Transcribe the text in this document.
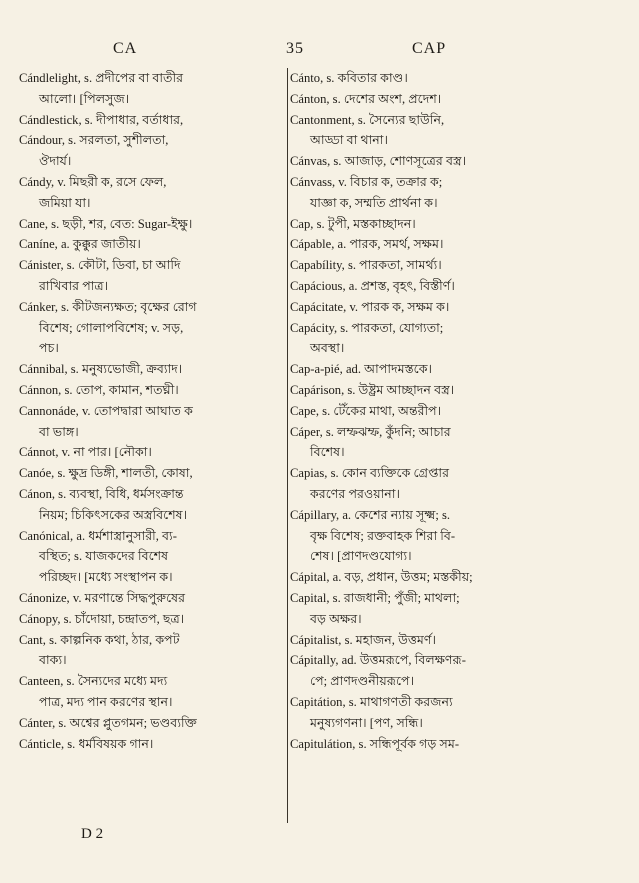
CA	35	CAP
Cándlelight, s. প্রদীপের বা বাতীর
আলো। [পিলসুজ।
Cándlestick, s. দীপাধার, বর্তাধার,
Cándour, s. সরলতা, সুশীলতা,
ঔদার্য।
Cándy, v. মিছরী ক, রসে ফেল,
জমিয়া যা।
Cane, s. ছড়ী, শর, বেত: Sugar-ইক্ষু।
Caníne, a. কুক্কুর জাতীয়।
Cánister, s. কৌটা, ডিবা, চা আদি
রাখিবার পাত্র।
Cánker, s. কীটজন্যক্ষত; বৃক্ষের রোগ
বিশেষ; গোলাপবিশেষ; v. সড়,
পচ।
Cánnibal, s. মনুষ্যভোজী, ক্রব্যাদ।
Cánnon, s. তোপ, কামান, শতঘ্নী।
Cannonáde, v. তোপদ্বারা আঘাত ক
বা ভাঙ্গ।
Cánnot, v. না পার। [নৌকা।
Canóe, s. ক্ষুদ্র ডিঙ্গী, শালতী, কোষা,
Cánon, s. ব্যবস্থা, বিধি, ধর্মসংক্রান্ত
নিয়ম; চিকিৎসকের অস্ত্রবিশেষ।
Canónical, a. ধর্মশাস্ত্রানুসারী, ব্য-
বস্থিত; s. যাজকদের বিশেষ
পরিচ্ছদ। [মধ্যে সংস্থাপন ক।
Cánonize, v. মরণান্তে সিদ্ধপুরুষের
Cánopy, s. চাঁদোয়া, চন্দ্রাতপ, ছত্র।
Cant, s. কাল্পনিক কথা, ঠার, কপট
বাক্য।
Canteen, s. সৈন্যদের মধ্যে মদ্য
পাত্র, মদ্য পান করণের স্থান।
Cánter, s. অশ্বের প্লুতগমন; ভণ্ডব্যক্তি
Cánticle, s. ধর্মবিষয়ক গান।
Cánto, s. কবিতার কাণ্ড।
Cánton, s. দেশের অংশ, প্রদেশ।
Cantonment, s. সৈন্যের ছাউনি,
আড্ডা বা থানা।
Cánvas, s. আজাড়, শোণসূত্রের বস্ত্র।
Cánvass, v. বিচার ক, তক্রার ক;
যাজ্ঞা ক, সম্মতি প্রার্থনা ক।
Cap, s. টুপী, মস্তকাচ্ছাদন।
Cápable, a. পারক, সমর্থ, সক্ষম।
Capabílity, s. পারকতা, সামর্থ্য।
Capácious, a. প্রশস্ত, বৃহৎ, বিস্তীর্ণ।
Capácitate, v. পারক ক, সক্ষম ক।
Capácity, s. পারকতা, যোগ্যতা;
অবস্থা।
Cap-a-pié, ad. আপাদমস্তকে।
Capárison, s. উষ্ট্রম আচ্ছাদন বস্ত্র।
Cape, s. টেঁকের মাথা, অন্তরীপ।
Cáper, s. লম্ফঝম্ফ, কুঁদনি; আচার
বিশেষ।
Capias, s. কোন ব্যক্তিকে গ্রেপ্তার
করণের পরওয়ানা।
Cápillary, a. কেশের ন্যায় সূক্ষ্ম; s.
বৃক্ষ বিশেষ; রক্তবাহক শিরা বি-
শেষ। [প্রাণদণ্ডযোগ্য।
Cápital, a. বড়, প্রধান, উত্তম; মস্তকীয়;
Capital, s. রাজধানী; পুঁজী; মাথলা;
বড় অক্ষর।
Cápitalist, s. মহাজন, উত্তমর্ণ।
Cápitally, ad. উত্তমরূপে, বিলক্ষণরূ-
পে; প্রাণদণ্ডনীয়রূপে।
Capitátion, s. মাথাগণতী করজন্য
মনুষ্যগণনা। [পণ, সন্ধি।
Capitulátion, s. সন্ধিপূর্বক গড় সম-
D 2
